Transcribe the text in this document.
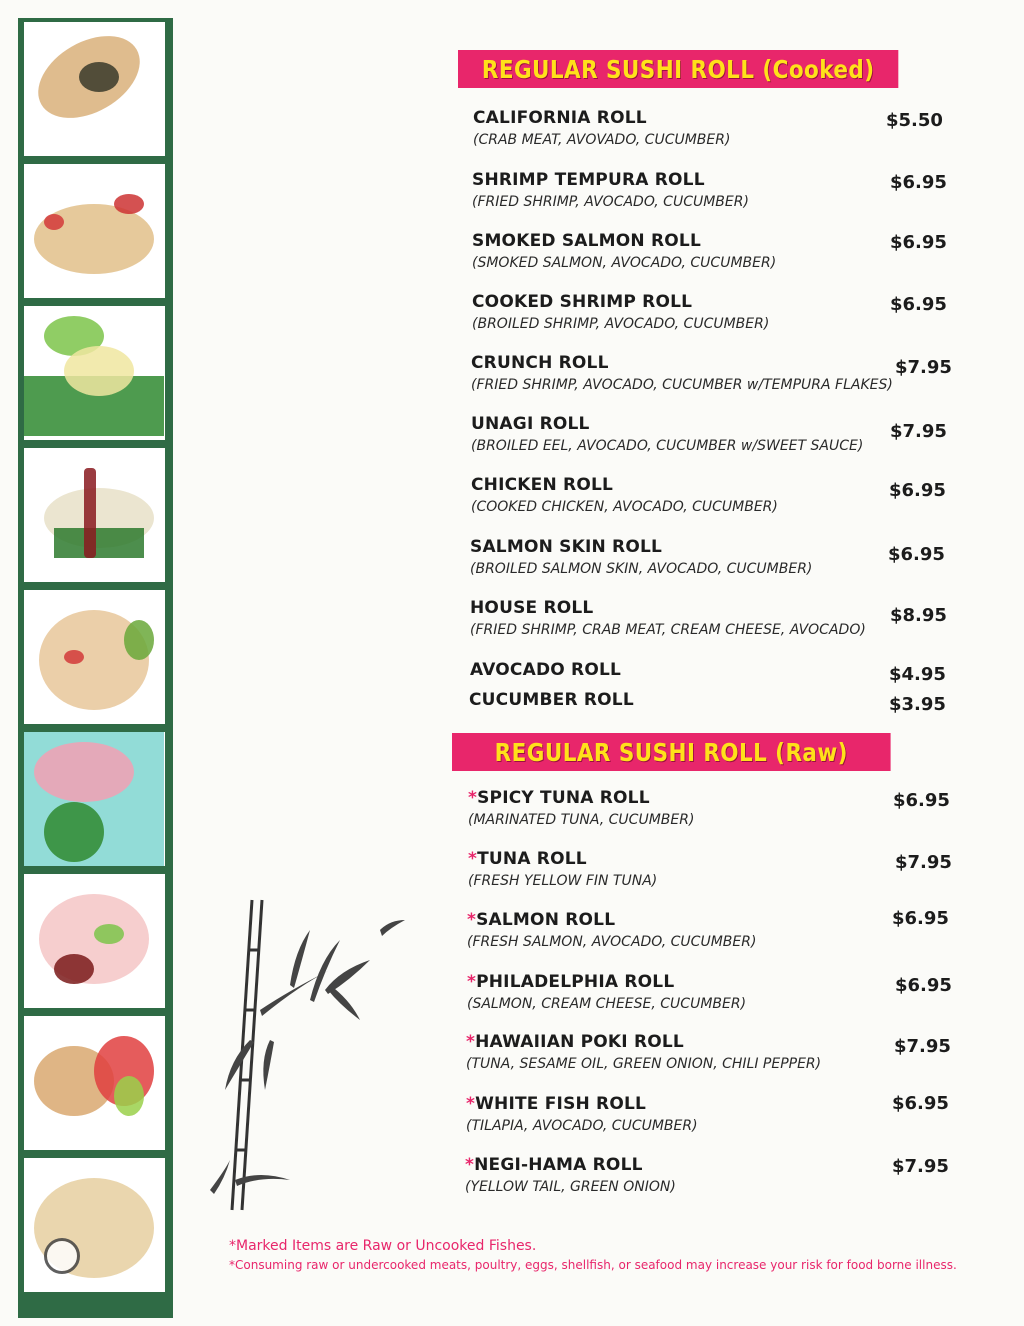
REGULAR SUSHI ROLL (Cooked)
CALIFORNIA ROLL
(CRAB MEAT, AVOVADO, CUCUMBER)
$5.50
SHRIMP TEMPURA ROLL
(FRIED SHRIMP, AVOCADO, CUCUMBER)
$6.95
SMOKED SALMON ROLL
(SMOKED SALMON, AVOCADO, CUCUMBER)
$6.95
COOKED SHRIMP ROLL
(BROILED SHRIMP, AVOCADO, CUCUMBER)
$6.95
CRUNCH ROLL
(FRIED SHRIMP, AVOCADO, CUCUMBER w/TEMPURA FLAKES)
$7.95
UNAGI ROLL
(BROILED EEL, AVOCADO, CUCUMBER w/SWEET SAUCE)
$7.95
CHICKEN ROLL
(COOKED CHICKEN, AVOCADO, CUCUMBER)
$6.95
SALMON SKIN ROLL
(BROILED SALMON SKIN, AVOCADO, CUCUMBER)
$6.95
HOUSE ROLL
(FRIED SHRIMP, CRAB MEAT, CREAM CHEESE, AVOCADO)
$8.95
AVOCADO ROLL	$4.95
CUCUMBER ROLL	$3.95
REGULAR SUSHI ROLL (Raw)
*SPICY TUNA ROLL
(MARINATED TUNA, CUCUMBER)
$6.95
*TUNA ROLL
(FRESH YELLOW FIN TUNA)
$7.95
*SALMON ROLL
(FRESH SALMON, AVOCADO, CUCUMBER)
$6.95
*PHILADELPHIA ROLL
(SALMON, CREAM CHEESE, CUCUMBER)
$6.95
*HAWAIIAN POKI ROLL
(TUNA, SESAME OIL, GREEN ONION, CHILI PEPPER)
$7.95
*WHITE FISH ROLL
(TILAPIA, AVOCADO, CUCUMBER)
$6.95
*NEGI-HAMA ROLL
(YELLOW TAIL, GREEN ONION)
$7.95
*Marked Items are Raw or Uncooked Fishes.
*Consuming raw or undercooked meats, poultry, eggs, shellfish, or seafood may increase your risk for food borne illness.
